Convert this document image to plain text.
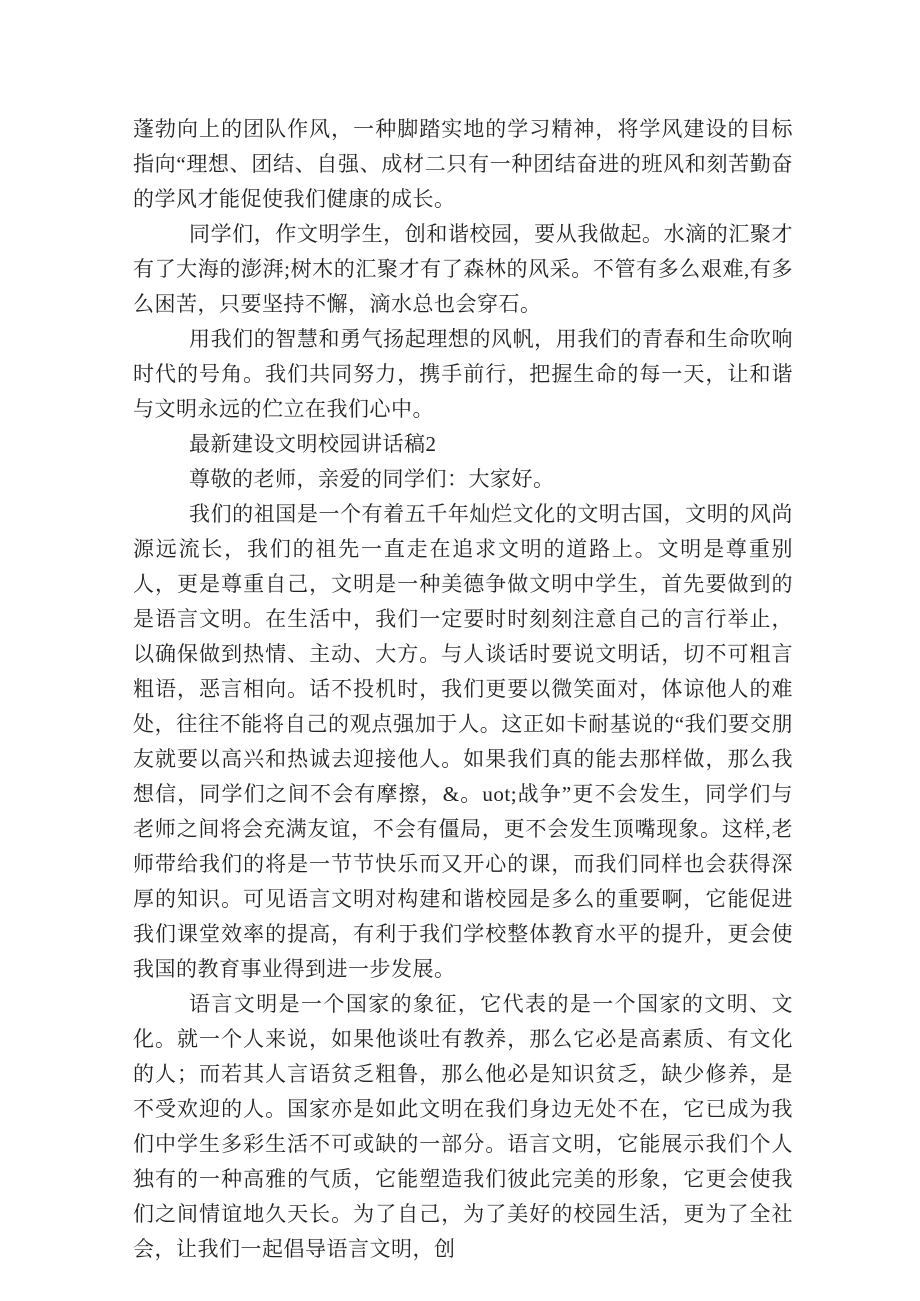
蓬勃向上的团队作风，一种脚踏实地的学习精神，将学风建设的目标指向“理想、团结、自强、成材二只有一种团结奋进的班风和刻苦勤奋的学风才能促使我们健康的成长。

同学们，作文明学生，创和谐校园，要从我做起。水滴的汇聚才有了大海的澎湃;树木的汇聚才有了森林的风采。不管有多么艰难,有多么困苦，只要坚持不懈，滴水总也会穿石。

用我们的智慧和勇气扬起理想的风帆，用我们的青春和生命吹响时代的号角。我们共同努力，携手前行，把握生命的每一天，让和谐与文明永远的伫立在我们心中。

最新建设文明校园讲话稿2

尊敬的老师，亲爱的同学们：大家好。

我们的祖国是一个有着五千年灿烂文化的文明古国，文明的风尚源远流长，我们的祖先一直走在追求文明的道路上。文明是尊重别人，更是尊重自己，文明是一种美德争做文明中学生，首先要做到的是语言文明。在生活中，我们一定要时时刻刻注意自己的言行举止，以确保做到热情、主动、大方。与人谈话时要说文明话，切不可粗言粗语，恶言相向。话不投机时，我们更要以微笑面对，体谅他人的难处，往往不能将自己的观点强加于人。这正如卡耐基说的“我们要交朋友就要以高兴和热诚去迎接他人。如果我们真的能去那样做，那么我想信，同学们之间不会有摩擦，&。uot;战争”更不会发生，同学们与老师之间将会充满友谊，不会有僵局，更不会发生顶嘴现象。这样,老师带给我们的将是一节节快乐而又开心的课，而我们同样也会获得深厚的知识。可见语言文明对构建和谐校园是多么的重要啊，它能促进我们课堂效率的提高，有利于我们学校整体教育水平的提升，更会使我国的教育事业得到进一步发展。

语言文明是一个国家的象征，它代表的是一个国家的文明、文化。就一个人来说，如果他谈吐有教养，那么它必是高素质、有文化的人；而若其人言语贫乏粗鲁，那么他必是知识贫乏，缺少修养，是不受欢迎的人。国家亦是如此文明在我们身边无处不在，它已成为我们中学生多彩生活不可或缺的一部分。语言文明，它能展示我们个人独有的一种高雅的气质，它能塑造我们彼此完美的形象，它更会使我们之间情谊地久天长。为了自己，为了美好的校园生活，更为了全社会，让我们一起倡导语言文明，创
